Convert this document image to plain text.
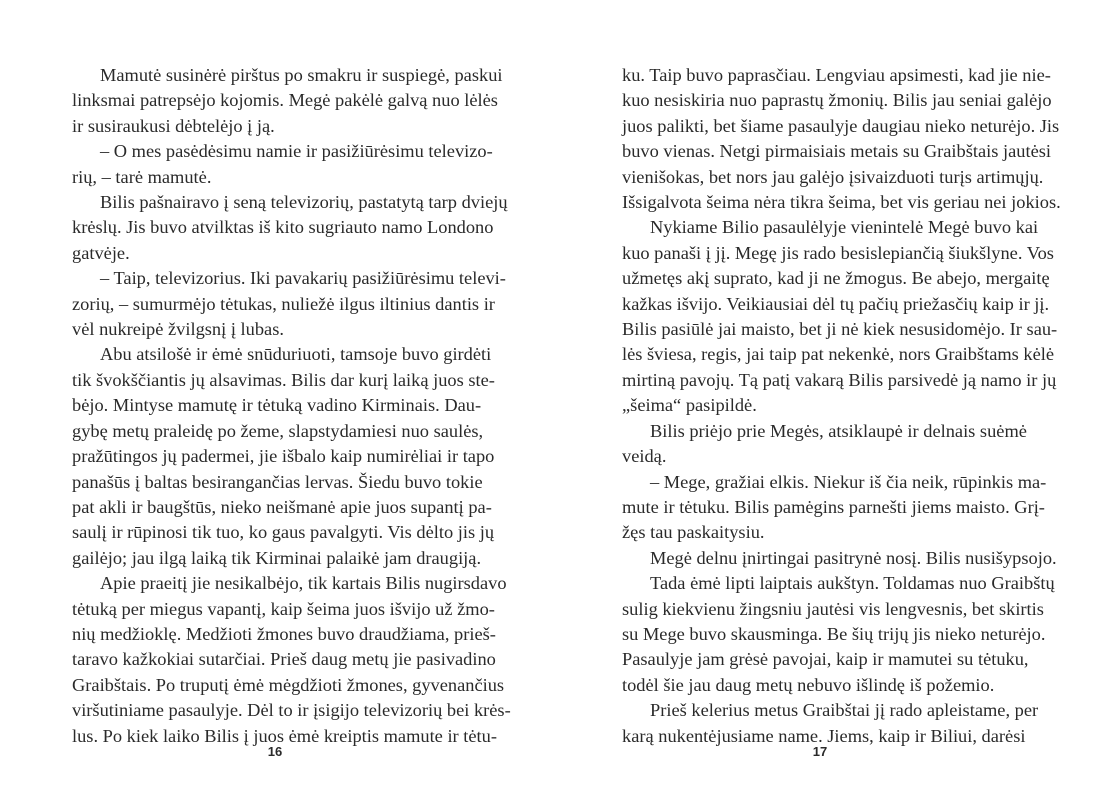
Mamutė susinėrė pirštus po smakru ir suspiegė, paskui
linksmai patrepsėjo kojomis. Megė pakėlė galvą nuo lėlės
ir susiraukusi dėbtelėjo į ją.
– O mes pasėdėsimu namie ir pasižiūrėsimu televizo-
rių, – tarė mamutė.
Bilis pašnairavo į seną televizorių, pastatytą tarp dviejų
krėslų. Jis buvo atvilktas iš kito sugriauto namo Londono
gatvėje.
– Taip, televizorius. Iki pavakarių pasižiūrėsimu televi-
zorių, – sumurmėjo tėtukas, nuliežė ilgus iltinius dantis ir
vėl nukreipė žvilgsnį į lubas.
Abu atsilošė ir ėmė snūduriuoti, tamsoje buvo girdėti
tik švokščiantis jų alsavimas. Bilis dar kurį laiką juos ste-
bėjo. Mintyse mamutę ir tėtuką vadino Kirminais. Dau-
gybę metų praleidę po žeme, slapstydamiesi nuo saulės,
pražūtingos jų padermei, jie išbalo kaip numirėliai ir tapo
panašūs į baltas besirangančias lervas. Šiedu buvo tokie
pat akli ir baugštūs, nieko neišmanė apie juos supantį pa-
saulį ir rūpinosi tik tuo, ko gaus pavalgyti. Vis dėlto jis jų
gailėjo; jau ilgą laiką tik Kirminai palaikė jam draugiją.
Apie praeitį jie nesikalbėjo, tik kartais Bilis nugirsdavo
tėtuką per miegus vapantį, kaip šeima juos išvijo už žmo-
nių medžioklę. Medžioti žmones buvo draudžiama, prieš-
taravo kažkokiai sutarčiai. Prieš daug metų jie pasivadino
Graibštais. Po truputį ėmė mėgdžioti žmones, gyvenančius
viršutiniame pasaulyje. Dėl to ir įsigijo televizorių bei krės-
lus. Po kiek laiko Bilis į juos ėmė kreiptis mamute ir tėtu-
16
ku. Taip buvo paprasčiau. Lengviau apsimesti, kad jie nie-
kuo nesiskiria nuo paprastų žmonių. Bilis jau seniai galėjo
juos palikti, bet šiame pasaulyje daugiau nieko neturėjo. Jis
buvo vienas. Netgi pirmaisiais metais su Graibštais jautėsi
vienišokas, bet nors jau galėjo įsivaizduoti turįs artimųjų.
Išsigalvota šeima nėra tikra šeima, bet vis geriau nei jokios.
Nykiame Bilio pasaulėlyje vienintelė Megė buvo kai
kuo panaši į jį. Megę jis rado besislepiančią šiukšlyne. Vos
užmetęs akį suprato, kad ji ne žmogus. Be abejo, mergaitę
kažkas išvijo. Veikiausiai dėl tų pačių priežasčių kaip ir jį.
Bilis pasiūlė jai maisto, bet ji nė kiek nesusidomėjo. Ir sau-
lės šviesa, regis, jai taip pat nekenkė, nors Graibštams kėlė
mirtiną pavojų. Tą patį vakarą Bilis parsivedė ją namo ir jų
„šeima“ pasipildė.
Bilis priėjo prie Megės, atsiklaupė ir delnais suėmė
veidą.
– Mege, gražiai elkis. Niekur iš čia neik, rūpinkis ma-
mute ir tėtuku. Bilis pamėgins parnešti jiems maisto. Grį-
žęs tau paskaitysiu.
Megė delnu įnirtingai pasitrynė nosį. Bilis nusišypsojo.
Tada ėmė lipti laiptais aukštyn. Toldamas nuo Graibštų
sulig kiekvienu žingsniu jautėsi vis lengvesnis, bet skirtis
su Mege buvo skausminga. Be šių trijų jis nieko neturėjo.
Pasaulyje jam grėsė pavojai, kaip ir mamutei su tėtuku,
todėl šie jau daug metų nebuvo išlindę iš požemio.
Prieš kelerius metus Graibštai jį rado apleistame, per
karą nukentėjusiame name. Jiems, kaip ir Biliui, darėsi
17
